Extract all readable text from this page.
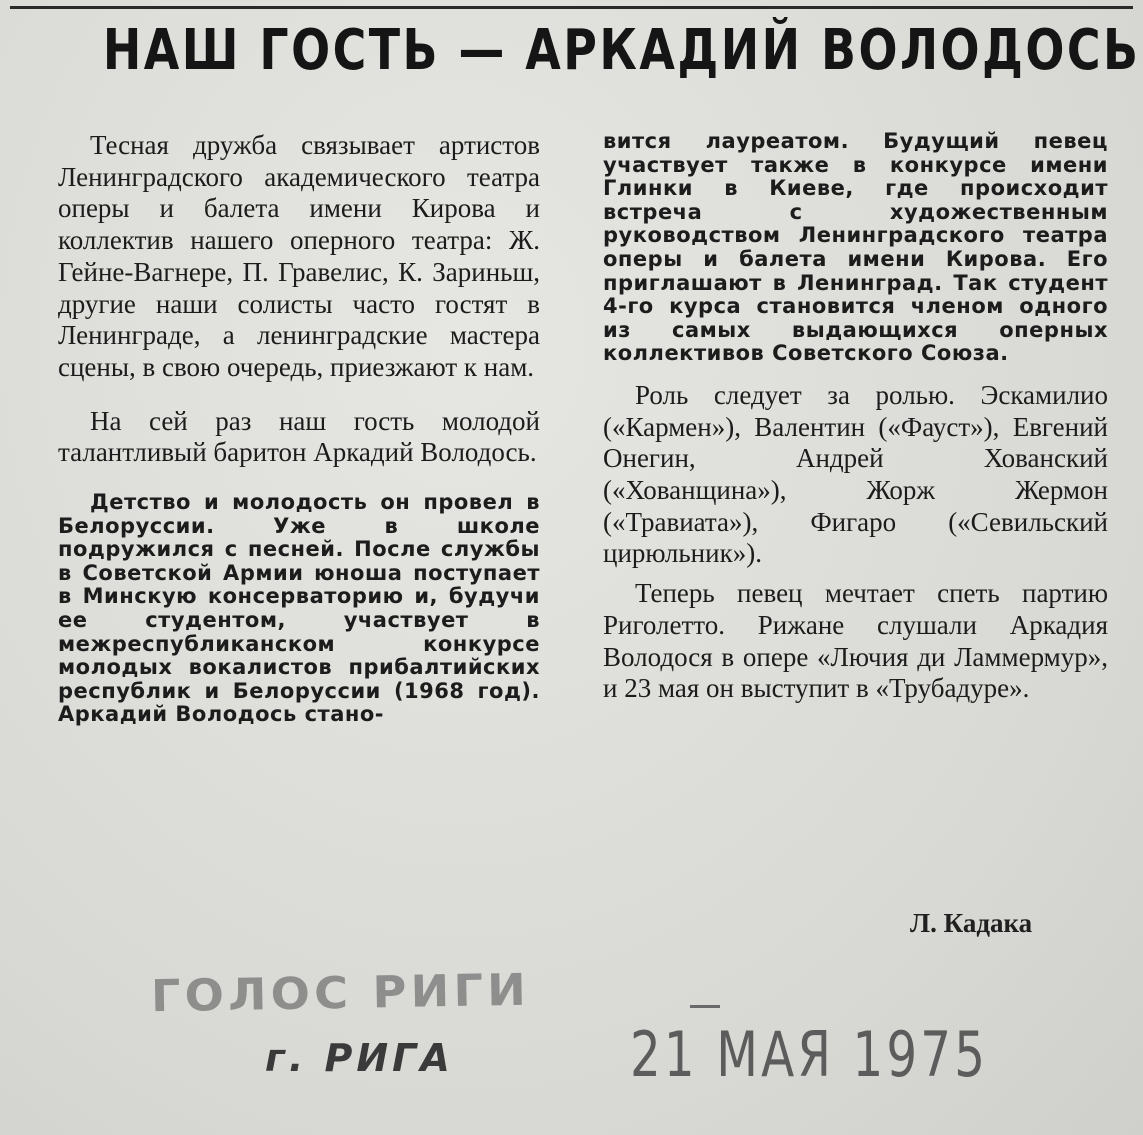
НАШ ГОСТЬ — АРКАДИЙ ВОЛОДОСЬ

Тесная дружба связывает артистов Ленинградского академического театра оперы и балета имени Кирова и коллектив нашего оперного театра: Ж. Гейне-Вагнере, П. Гравелис, К. Зариньш, другие наши солисты часто гостят в Ленинграде, а ленинградские мастера сцены, в свою очередь, приезжают к нам.

На сей раз наш гость молодой талантливый баритон Аркадий Володось.

Детство и молодость он провел в Белоруссии. Уже в школе подружился с песней. После службы в Советской Армии юноша поступает в Минскую консерваторию и, будучи ее студентом, участвует в межреспубликанском конкурсе молодых вокалистов прибалтийских республик и Белоруссии (1968 год). Аркадий Володось стано-

вится лауреатом. Будущий певец участвует также в конкурсе имени Глинки в Киеве, где происходит встреча с художественным руководством Ленинградского театра оперы и балета имени Кирова. Его приглашают в Ленинград. Так студент 4-го курса становится членом одного из самых выдающихся оперных коллективов Советского Союза.

Роль следует за ролью. Эскамилио («Кармен»), Валентин («Фауст»), Евгений Онегин, Андрей Хованский («Хованщина»), Жорж Жермон («Травиата»), Фигаро («Севильский цирюльник»).

Теперь певец мечтает спеть партию Риголетто. Рижане слушали Аркадия Володося в опере «Лючия ди Ламмермур», и 23 мая он выступит в «Трубадуре».

Л. Кадака
ГОЛОС РИГИ
г. РИГА	21 МАЯ 1975
